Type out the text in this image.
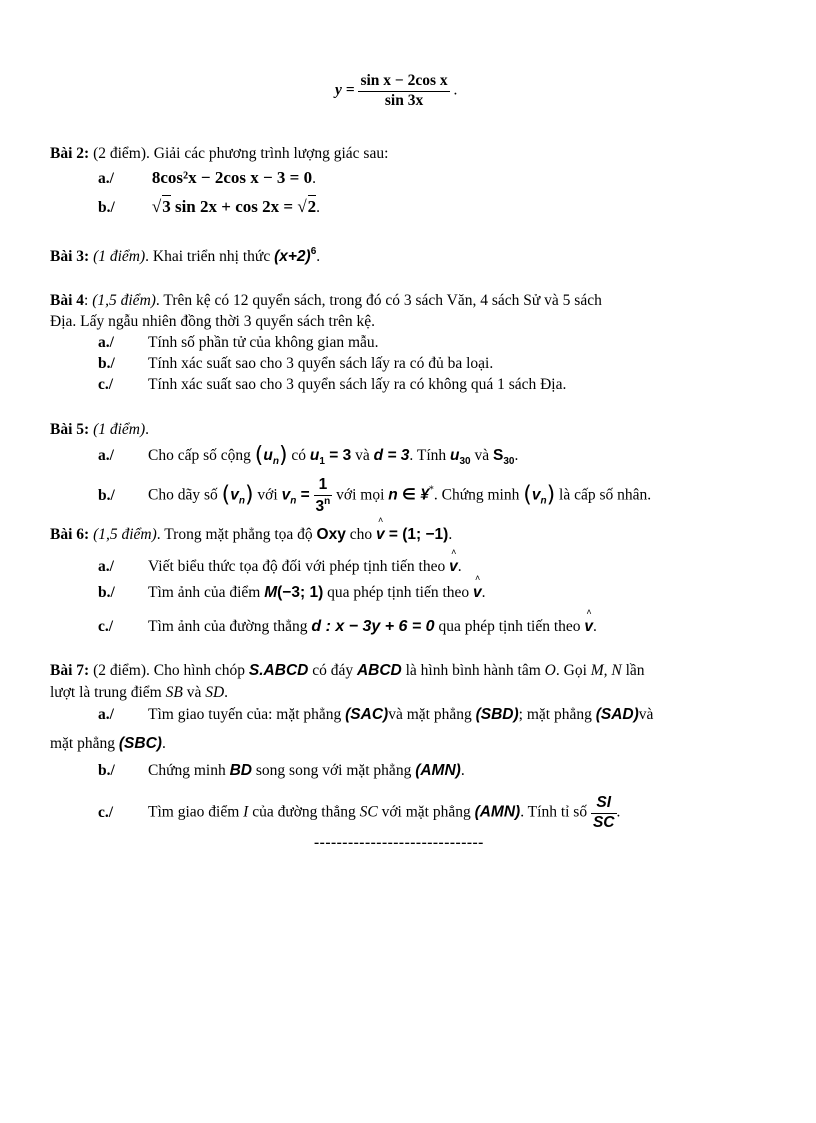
$y = \frac{\text{sin x − 2cos x}}{\sin 3x}$ .
Bài 2: (2 điểm). Giải các phương trình lượng giác sau:
a./ 8cos²x − 2cos x − 3 = 0.
b./ √3 sin 2x + cos 2x = √2.
Bài 3: (1 điểm). Khai triển nhị thức $(x+2)^6$.
Bài 4: (1,5 điểm). Trên kệ có 12 quyển sách, trong đó có 3 sách Văn, 4 sách Sử và 5 sách
Địa. Lấy ngẫu nhiên đồng thời 3 quyển sách trên kệ.
a./ Tính số phần tử của không gian mẫu.
b./ Tính xác suất sao cho 3 quyển sách lấy ra có đủ ba loại.
c./ Tính xác suất sao cho 3 quyển sách lấy ra có không quá 1 sách Địa.
Bài 5: (1 điểm).
a./ Cho cấp số cộng $(u_n)$ có $u_1 = 3$ và d = 3. Tính $u_{30}$ và $S_{30}$.
b./ Cho dãy số $(v_n)$ với $v_n = \frac{1}{3^n}$ với mọi n ∈ ¥*. Chứng minh $(v_n)$ là cấp số nhân.
Bài 6: (1,5 điểm). Trong mặt phẳng tọa độ Oxy cho ˄ v = (1; −1).
a./ Viết biểu thức tọa độ đối với phép tịnh tiến theo ˄ v.
b./ Tìm ảnh của điểm M(−3; 1) qua phép tịnh tiến theo ˄ v.
c./ Tìm ảnh của đường thẳng d : x − 3y + 6 = 0 qua phép tịnh tiến theo ˄ v.
Bài 7: (2 điểm). Cho hình chóp S.ABCD có đáy ABCD là hình bình hành tâm O. Gọi M, N lần
lượt là trung điểm SB và SD.
a./ Tìm giao tuyến của: mặt phẳng (SAC)và mặt phẳng (SBD); mặt phẳng (SAD)và
mặt phẳng (SBC).
b./ Chứng minh BD song song với mặt phẳng (AMN).
c./ Tìm giao điểm I của đường thẳng SC với mặt phẳng (AMN). Tính tỉ số $\frac{SI}{SC}$ .
------------------------------
